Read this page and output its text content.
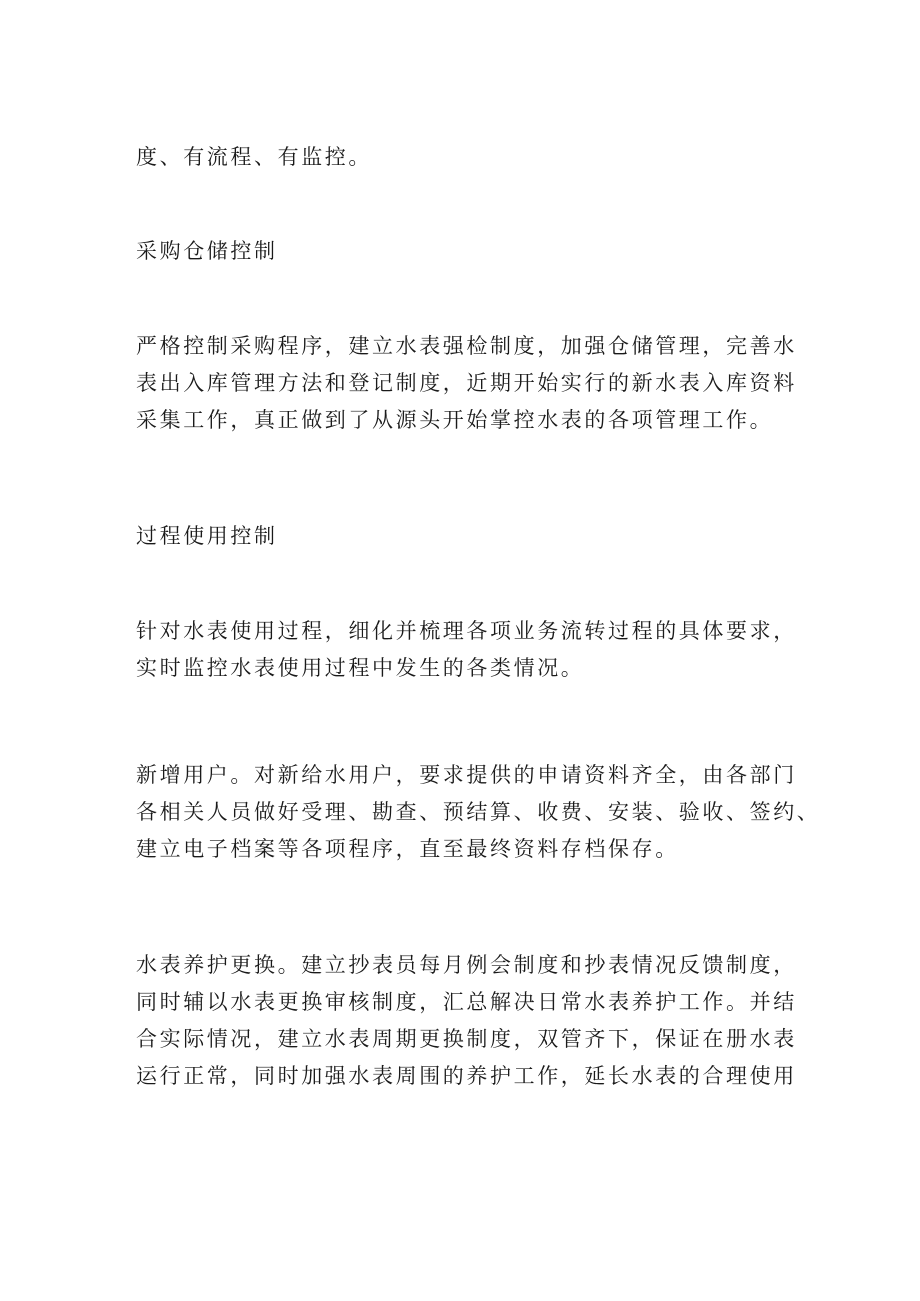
度、有流程、有监控。
采购仓储控制
严格控制采购程序，建立水表强检制度，加强仓储管理，完善水
表出入库管理方法和登记制度，近期开始实行的新水表入库资料
采集工作，真正做到了从源头开始掌控水表的各项管理工作。
过程使用控制
针对水表使用过程，细化并梳理各项业务流转过程的具体要求，
实时监控水表使用过程中发生的各类情况。
新增用户。对新给水用户，要求提供的申请资料齐全，由各部门
各相关人员做好受理、勘查、预结算、收费、安装、验收、签约、
建立电子档案等各项程序，直至最终资料存档保存。
水表养护更换。建立抄表员每月例会制度和抄表情况反馈制度，
同时辅以水表更换审核制度，汇总解决日常水表养护工作。并结
合实际情况，建立水表周期更换制度，双管齐下，保证在册水表
运行正常，同时加强水表周围的养护工作，延长水表的合理使用
